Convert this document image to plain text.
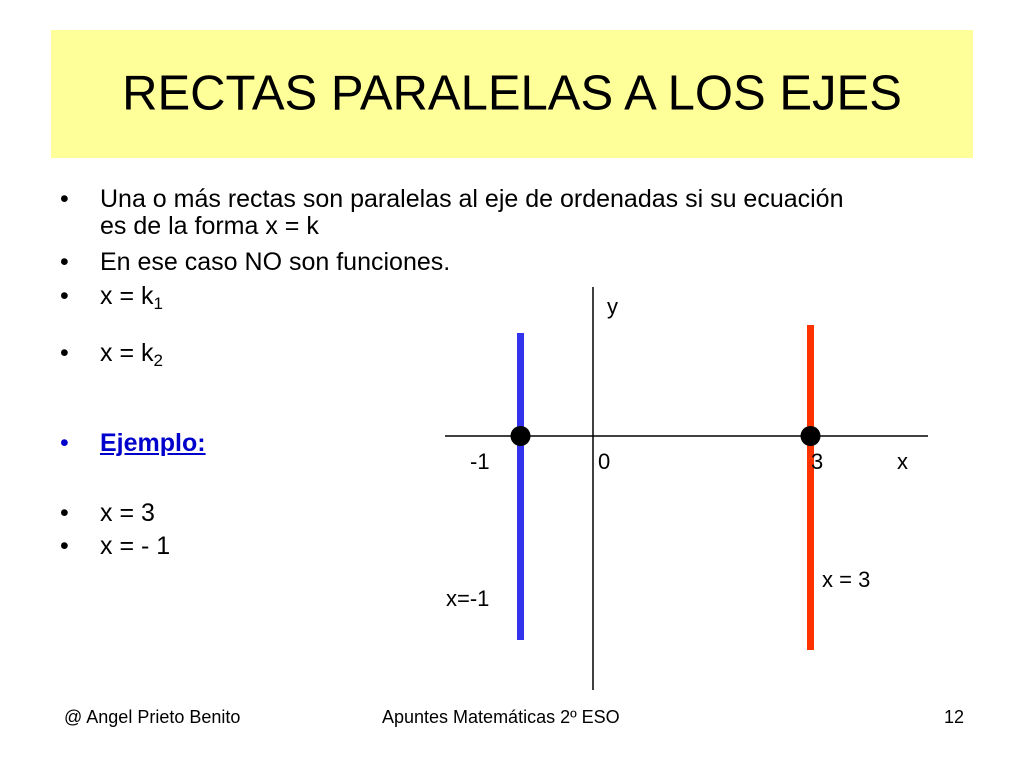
RECTAS PARALELAS A LOS EJES
• Una o más rectas son paralelas al eje de ordenadas si su ecuación
es de la forma x = k
• En ese caso NO son funciones.
• $x = k_1$
• $x = k_2$
• Ejemplo:
• x = 3
• x = - 1
y
x
-1	0	3
x = 3
x=-1
@ Angel Prieto Benito	Apuntes Matemáticas 2º ESO	12
